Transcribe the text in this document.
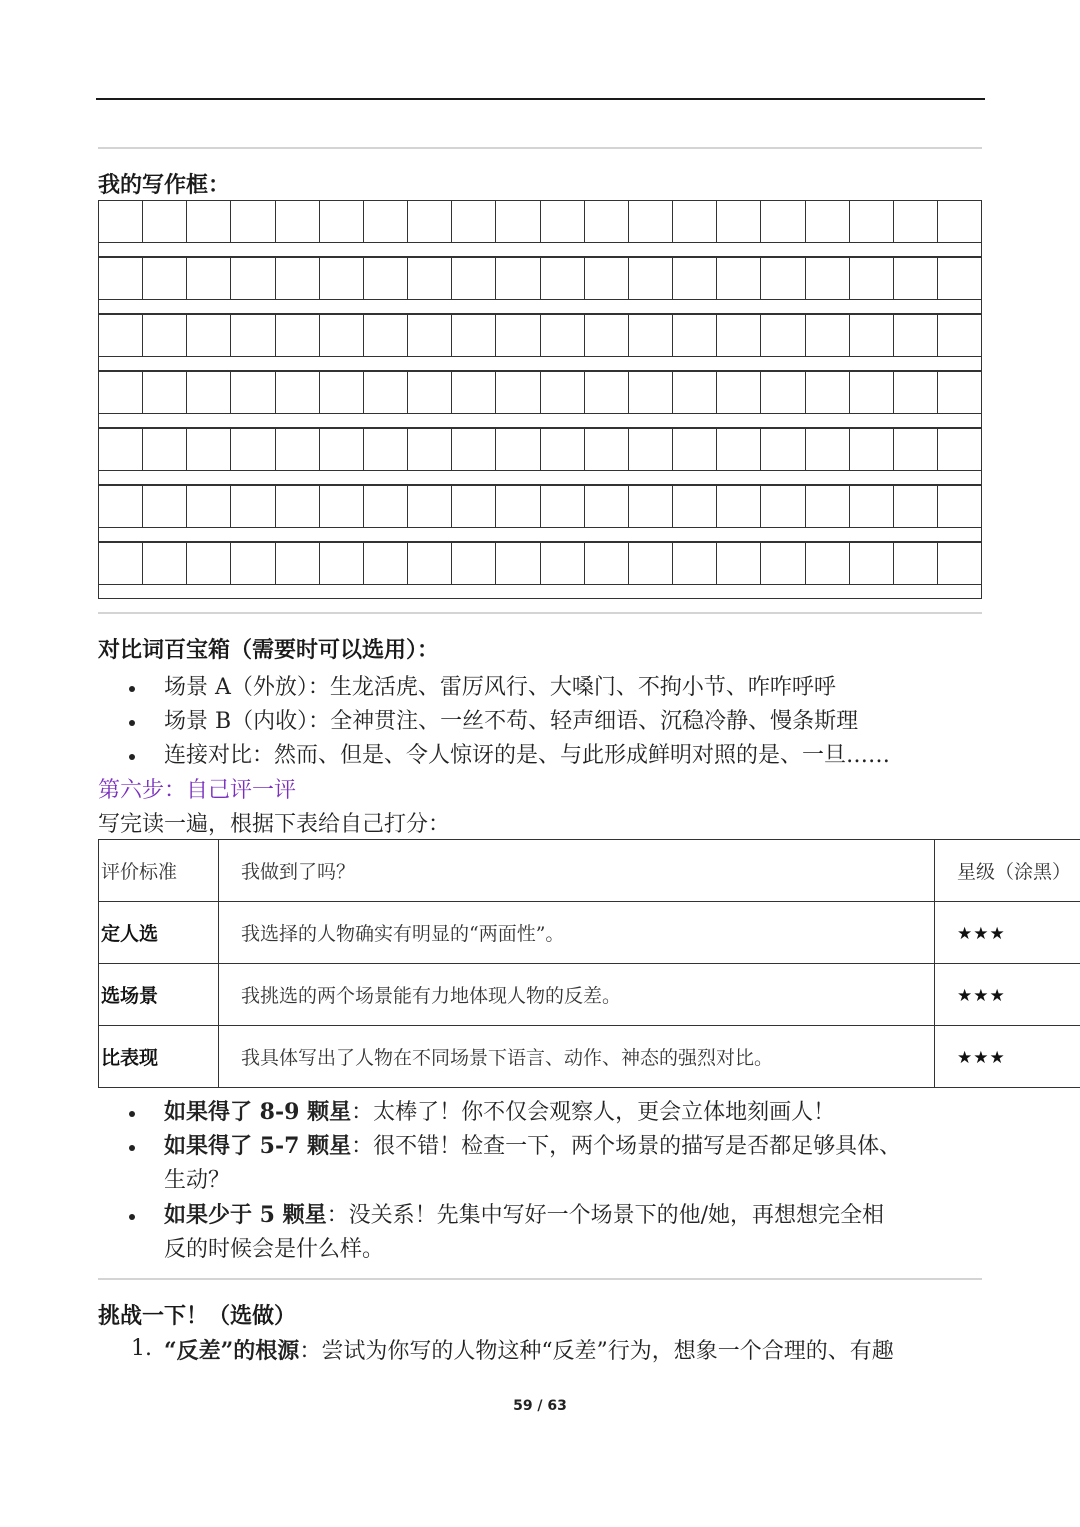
我的写作框：
对比词百宝箱（需要时可以选用）：
场景 A（外放）：生龙活虎、雷厉风行、大嗓门、不拘小节、咋咋呼呼
场景 B（内收）：全神贯注、一丝不苟、轻声细语、沉稳冷静、慢条斯理
连接对比：然而、但是、令人惊讶的是、与此形成鲜明对照的是、一旦……
第六步：自己评一评
写完读一遍，根据下表给自己打分：
评价标准	我做到了吗？	星级（涂黑）
定人选	我选择的人物确实有明显的“两面性”。	★★★
选场景	我挑选的两个场景能有力地体现人物的反差。	★★★
比表现	我具体写出了人物在不同场景下语言、动作、神态的强烈对比。	★★★
如果得了 8-9 颗星：太棒了！你不仅会观察人，更会立体地刻画人！
如果得了 5-7 颗星：很不错！检查一下，两个场景的描写是否都足够具体、
生动？
如果少于 5 颗星：没关系！先集中写好一个场景下的他/她，再想想完全相
反的时候会是什么样。
挑战一下！（选做）
1. “反差”的根源：尝试为你写的人物这种“反差”行为，想象一个合理的、有趣
59 / 63
